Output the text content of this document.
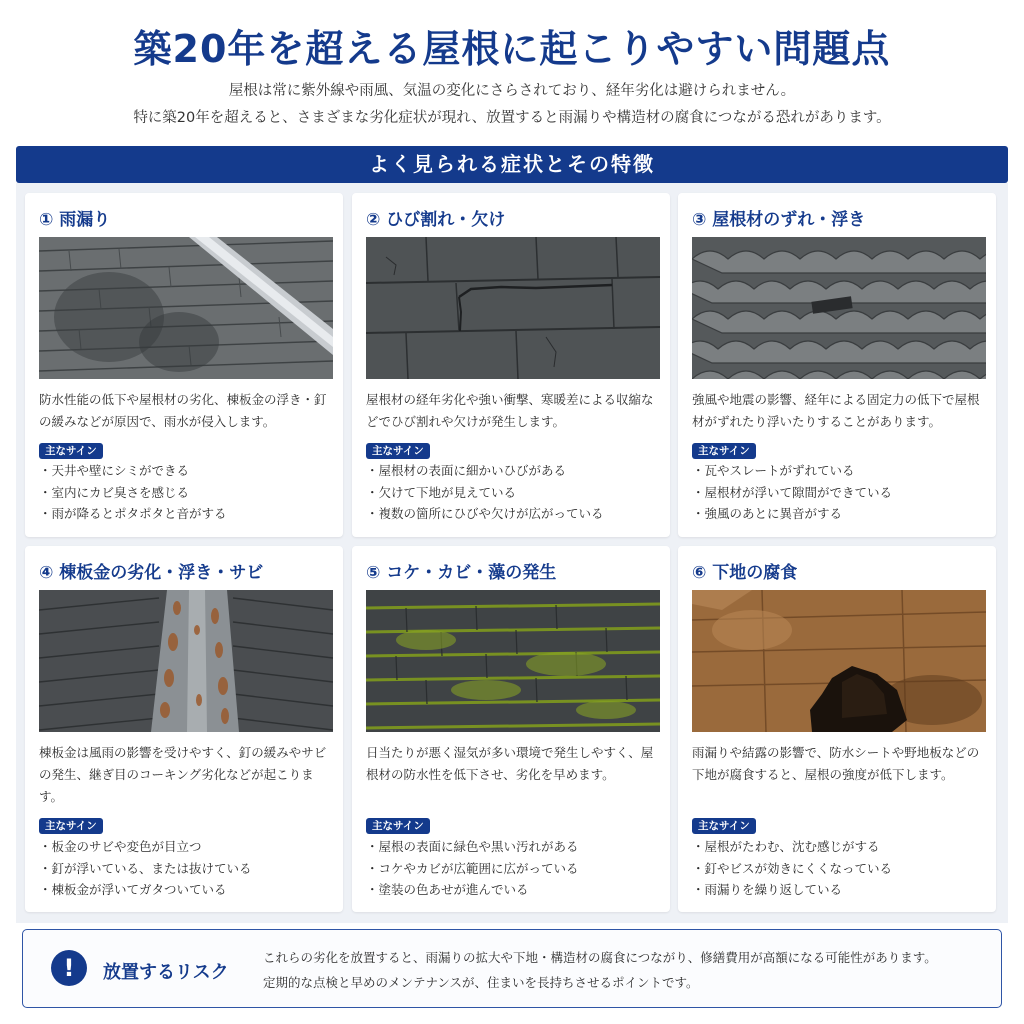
築20年を超える屋根に起こりやすい問題点
屋根は常に紫外線や雨風、気温の変化にさらされており、経年劣化は避けられません。
特に築20年を超えると、さまざまな劣化症状が現れ、放置すると雨漏りや構造材の腐食につながる恐れがあります。
よく見られる症状とその特徴
① 雨漏り
防水性能の低下や屋根材の劣化、棟板金の浮き・釘の緩みなどが原因で、雨水が侵入します。
主なサイン
・ 天井や壁にシミができる
・ 室内にカビ臭さを感じる
・ 雨が降るとポタポタと音がする
② ひび割れ・欠け
屋根材の経年劣化や強い衝撃、寒暖差による収縮などでひび割れや欠けが発生します。
主なサイン
・ 屋根材の表面に細かいひびがある
・ 欠けて下地が見えている
・ 複数の箇所にひびや欠けが広がっている
③ 屋根材のずれ・浮き
強風や地震の影響、経年による固定力の低下で屋根材がずれたり浮いたりすることがあります。
主なサイン
・ 瓦やスレートがずれている
・ 屋根材が浮いて隙間ができている
・ 強風のあとに異音がする
④ 棟板金の劣化・浮き・サビ
棟板金は風雨の影響を受けやすく、釘の緩みやサビの発生、継ぎ目のコーキング劣化などが起こります。
主なサイン
・ 板金のサビや変色が目立つ
・ 釘が浮いている、または抜けている
・ 棟板金が浮いてガタついている
⑤ コケ・カビ・藻の発生
日当たりが悪く湿気が多い環境で発生しやすく、屋根材の防水性を低下させ、劣化を早めます。
主なサイン
・ 屋根の表面に緑色や黒い汚れがある
・ コケやカビが広範囲に広がっている
・ 塗装の色あせが進んでいる
⑥ 下地の腐食
雨漏りや結露の影響で、防水シートや野地板などの下地が腐食すると、屋根の強度が低下します。
主なサイン
・ 屋根がたわむ、沈む感じがする
・ 釘やビスが効きにくくなっている
・ 雨漏りを繰り返している
!	放置するリスク
これらの劣化を放置すると、雨漏りの拡大や下地・構造材の腐食につながり、修繕費用が高額になる可能性があります。
定期的な点検と早めのメンテナンスが、住まいを長持ちさせるポイントです。
